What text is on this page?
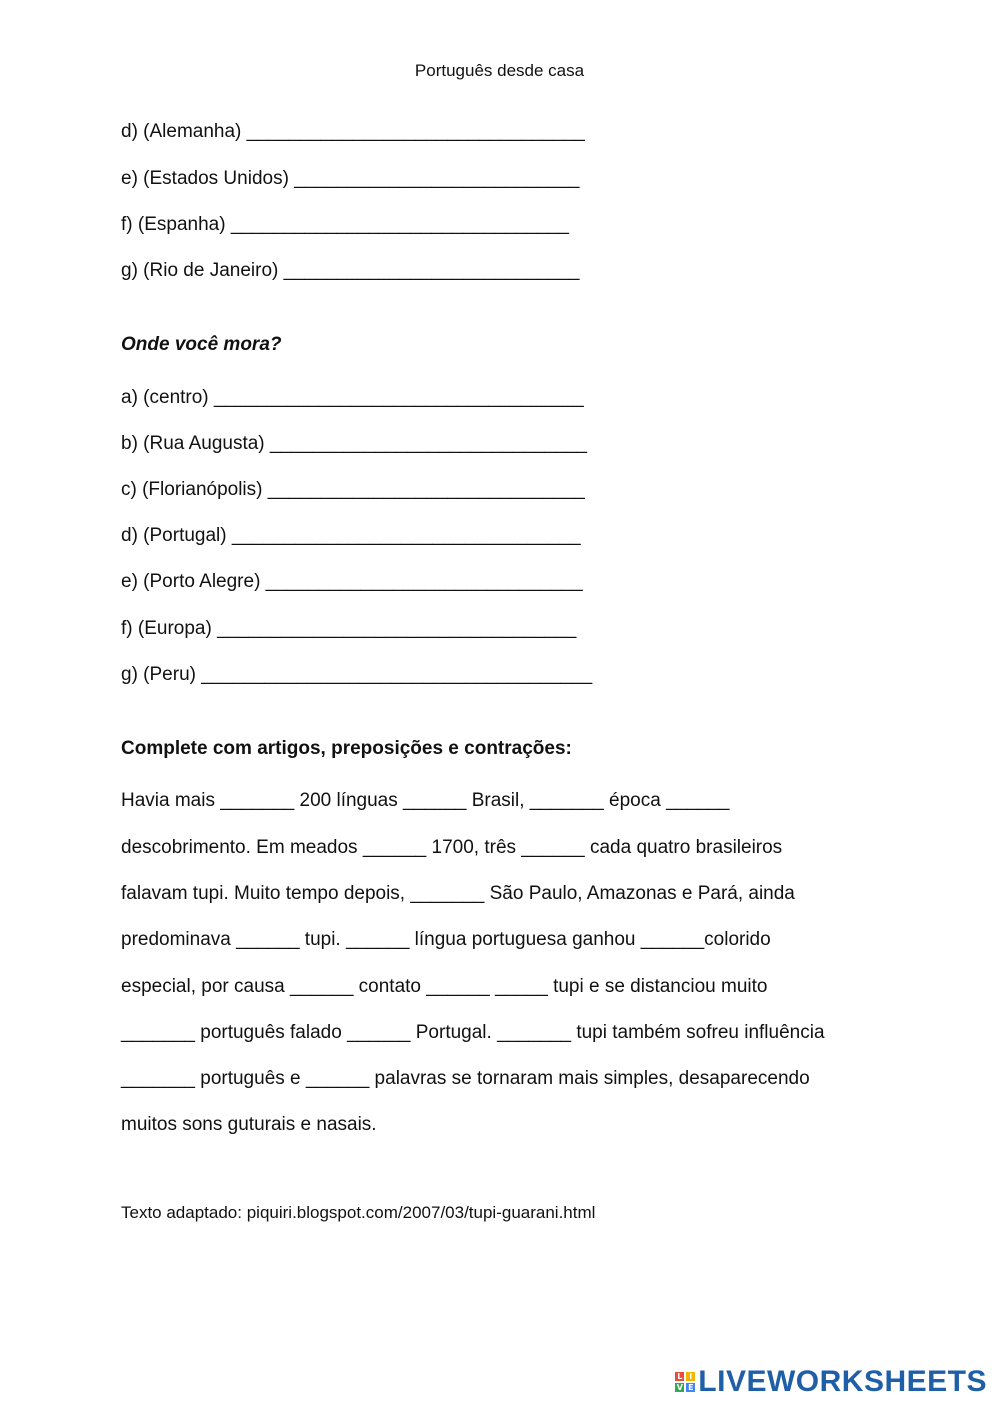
Português desde casa
d) (Alemanha) ________________________________
e) (Estados Unidos) ___________________________
f) (Espanha) ________________________________
g) (Rio de Janeiro) ____________________________
Onde você mora?
a) (centro) ___________________________________
b) (Rua Augusta) ______________________________
c) (Florianópolis) ______________________________
d) (Portugal) _________________________________
e) (Porto Alegre) ______________________________
f) (Europa) __________________________________
g) (Peru) _____________________________________
Complete com artigos, preposições e contrações:
Havia mais _______ 200 línguas ______ Brasil, _______ época ______
descobrimento. Em meados ______ 1700, três ______ cada quatro brasileiros
falavam tupi. Muito tempo depois, _______ São Paulo, Amazonas e Pará, ainda
predominava ______ tupi. ______ língua portuguesa ganhou ______colorido
especial, por causa ______ contato ______ _____ tupi e se distanciou muito
_______ português falado ______ Portugal. _______ tupi também sofreu influência
_______ português e ______ palavras se tornaram mais simples, desaparecendo
muitos sons guturais e nasais.
Texto adaptado: piquiri.blogspot.com/2007/03/tupi-guarani.html
L I
V E LIVEWORKSHEETS
